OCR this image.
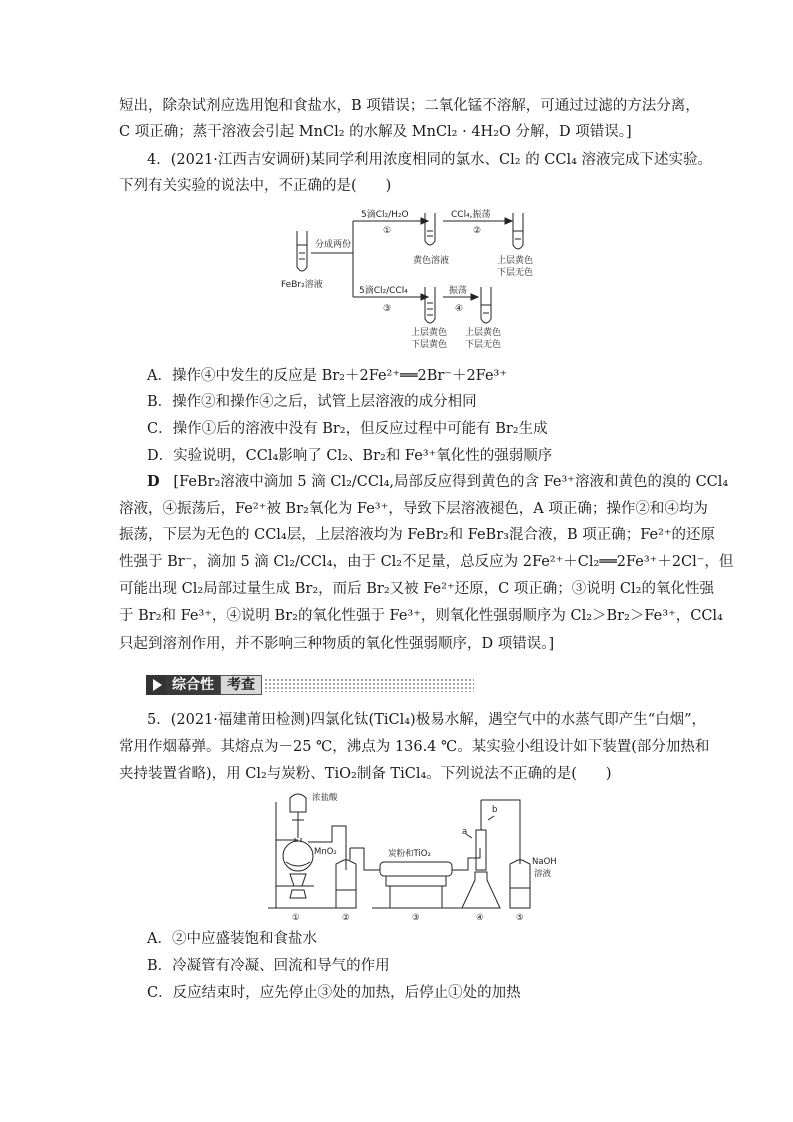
短出，除杂试剂应选用饱和食盐水，B 项错误；二氧化锰不溶解，可通过过滤的方法分离，
C 项正确；蒸干溶液会引起 MnCl₂ 的水解及 MnCl₂ · 4H₂O 分解，D 项错误。]
4．(2021·江西吉安调研)某同学利用浓度相同的氯水、Cl₂ 的 CCl₄ 溶液完成下述实验。
下列有关实验的说法中，不正确的是(　　)
FeBr₂溶液
分成两份
5滴Cl₂/H₂O
①
黄色溶液
CCl₄,振荡
②
上层黄色
下层无色
5滴Cl₂/CCl₄
③
上层黄色
下层黄色
振荡
④
上层黄色
下层无色
A．操作④中发生的反应是 Br₂＋2Fe²⁺══2Br⁻＋2Fe³⁺
B．操作②和操作④之后，试管上层溶液的成分相同
C．操作①后的溶液中没有 Br₂，但反应过程中可能有 Br₂生成
D．实验说明，CCl₄影响了 Cl₂、Br₂和 Fe³⁺氧化性的强弱顺序
D [FeBr₂溶液中滴加 5 滴 Cl₂/CCl₄,局部反应得到黄色的含 Fe³⁺溶液和黄色的溴的 CCl₄
溶液，④振荡后，Fe²⁺被 Br₂氧化为 Fe³⁺，导致下层溶液褪色，A 项正确；操作②和④均为
振荡，下层为无色的 CCl₄层，上层溶液均为 FeBr₂和 FeBr₃混合液，B 项正确；Fe²⁺的还原
性强于 Br⁻，滴加 5 滴 Cl₂/CCl₄，由于 Cl₂不足量，总反应为 2Fe²⁺＋Cl₂══2Fe³⁺＋2Cl⁻，但
可能出现 Cl₂局部过量生成 Br₂，而后 Br₂又被 Fe²⁺还原，C 项正确；③说明 Cl₂的氧化性强
于 Br₂和 Fe³⁺，④说明 Br₂的氧化性强于 Fe³⁺，则氧化性强弱顺序为 Cl₂＞Br₂＞Fe³⁺，CCl₄
只起到溶剂作用，并不影响三种物质的氧化性强弱顺序，D 项错误。]
综合性 考查
5．(2021·福建莆田检测)四氯化钛(TiCl₄)极易水解，遇空气中的水蒸气即产生“白烟”，
常用作烟幕弹。其熔点为－25 ℃，沸点为 136.4 ℃。某实验小组设计如下装置(部分加热和
夹持装置省略)，用 Cl₂与炭粉、TiO₂制备 TiCl₄。下列说法不正确的是(　　)
浓盐酸
MnO₂	炭粉和TiO₂
a
b
NaOH
溶液
①	②	③	④	⑤
A．②中应盛装饱和食盐水
B．冷凝管有冷凝、回流和导气的作用
C．反应结束时，应先停止③处的加热，后停止①处的加热
